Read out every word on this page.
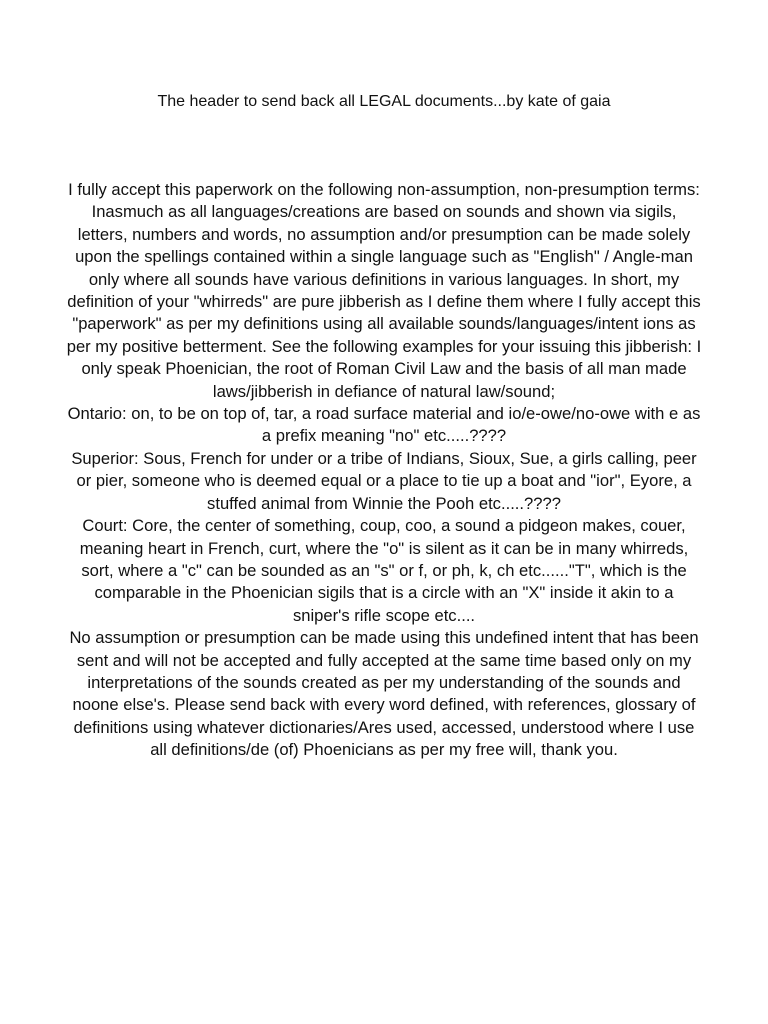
The header to send back all LEGAL documents...by kate of gaia

I fully accept this paperwork on the following non-assumption, non-presumption terms:

Inasmuch as all languages/creations are based on sounds and shown via sigils, letters, numbers and words, no assumption and/or presumption can be made solely upon the spellings contained within a single language such as "English" / Angle-man only where all sounds have various definitions in various languages. In short, my definition of your "whirreds" are pure jibberish as I define them where I fully accept this "paperwork" as per my definitions using all available sounds/languages/intent ions as per my positive betterment. See the following examples for your issuing this jibberish: I only speak Phoenician, the root of Roman Civil Law and the basis of all man made laws/jibberish in defiance of natural law/sound;

Ontario: on, to be on top of, tar, a road surface material and io/e-owe/no-owe with e as a prefix meaning "no" etc.....????

Superior: Sous, French for under or a tribe of Indians, Sioux, Sue, a girls calling, peer or pier, someone who is deemed equal or a place to tie up a boat and "ior", Eyore, a stuffed animal from Winnie the Pooh etc.....????

Court: Core, the center of something, coup, coo, a sound a pidgeon makes, couer, meaning heart in French, curt, where the "o" is silent as it can be in many whirreds, sort, where a "c" can be sounded as an "s" or f, or ph, k, ch etc......"T", which is the comparable in the Phoenician sigils that is a circle with an "X" inside it akin to a sniper's rifle scope etc....

No assumption or presumption can be made using this undefined intent that has been sent and will not be accepted and fully accepted at the same time based only on my interpretations of the sounds created as per my understanding of the sounds and noone else's. Please send back with every word defined, with references, glossary of definitions using whatever dictionaries/Ares used, accessed, understood where I use all definitions/de (of) Phoenicians as per my free will, thank you.
